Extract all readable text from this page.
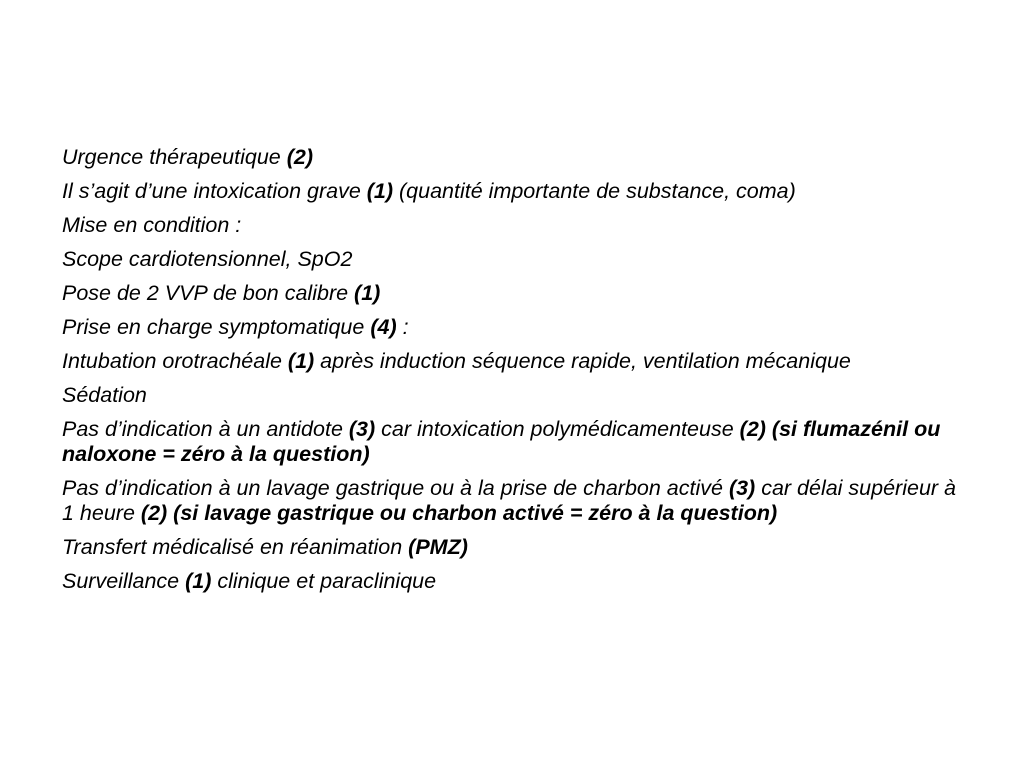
Urgence thérapeutique (2)

Il s’agit d’une intoxication grave (1) (quantité importante de substance, coma)

Mise en condition :

Scope cardiotensionnel, SpO2

Pose de 2 VVP de bon calibre (1)

Prise en charge symptomatique (4) :

Intubation orotrachéale (1) après induction séquence rapide, ventilation mécanique

Sédation

Pas d’indication à un antidote (3) car intoxication polymédicamenteuse (2) (si flumazénil ou naloxone = zéro à la question)

Pas d’indication à un lavage gastrique ou à la prise de charbon activé (3) car délai supérieur à 1 heure (2) (si lavage gastrique ou charbon activé = zéro à la question)

Transfert médicalisé en réanimation (PMZ)

Surveillance (1) clinique et paraclinique
